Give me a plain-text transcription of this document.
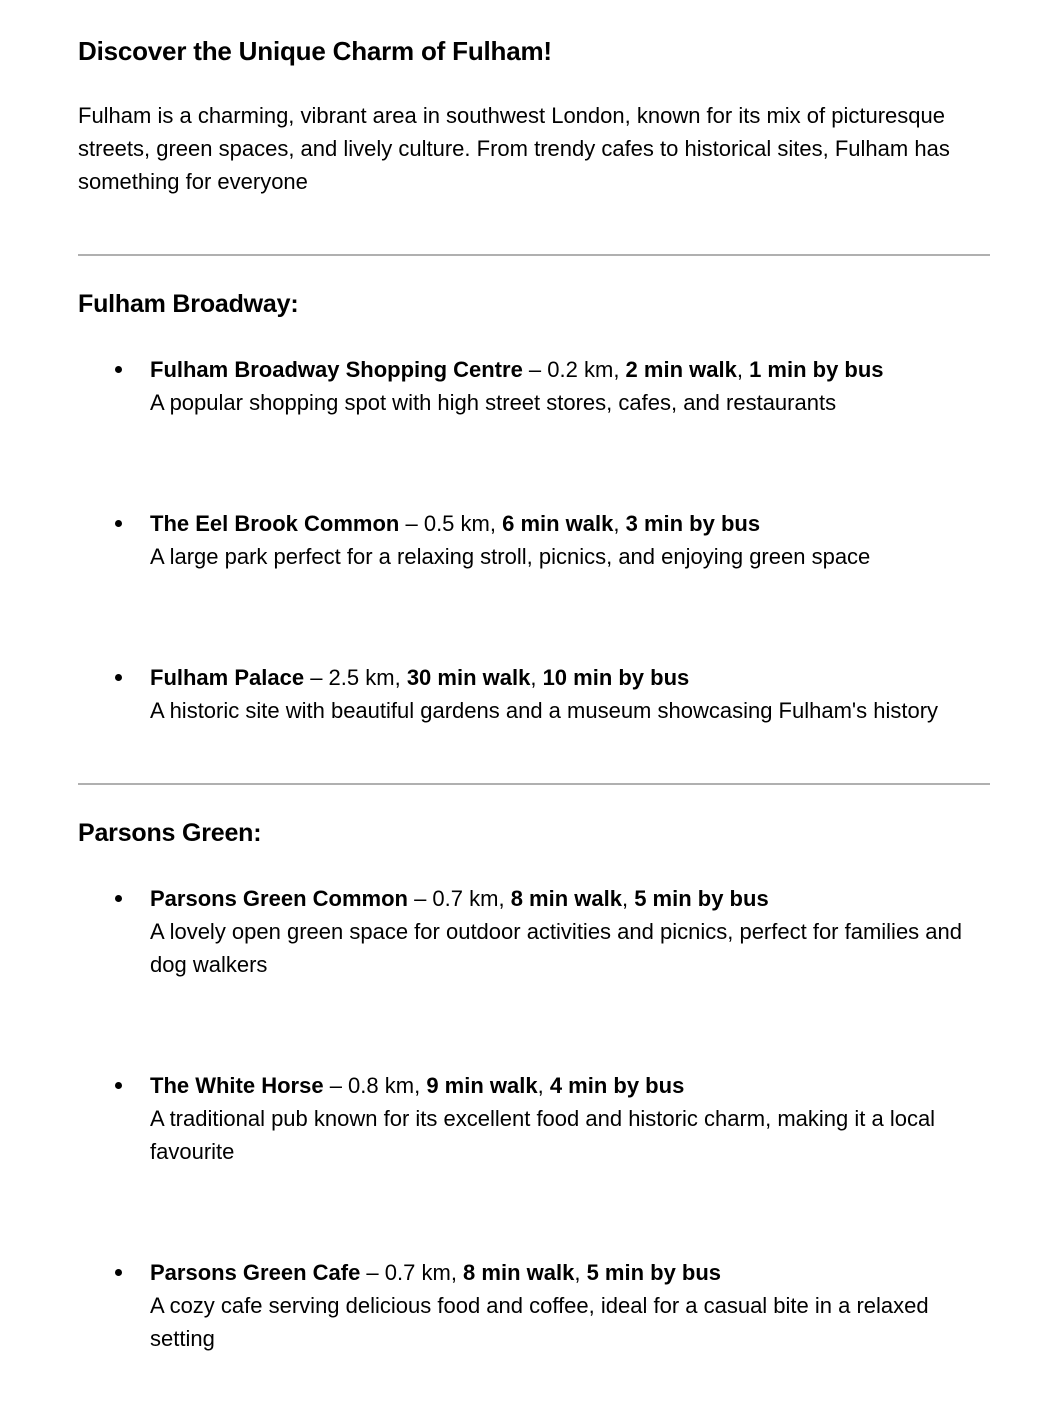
Discover the Unique Charm of Fulham!

Fulham is a charming, vibrant area in southwest London, known for its mix of picturesque streets, green spaces, and lively culture. From trendy cafes to historical sites, Fulham has something for everyone

Fulham Broadway:
Fulham Broadway Shopping Centre – 0.2 km, 2 min walk, 1 min by bus
A popular shopping spot with high street stores, cafes, and restaurants
The Eel Brook Common – 0.5 km, 6 min walk, 3 min by bus
A large park perfect for a relaxing stroll, picnics, and enjoying green space
Fulham Palace – 2.5 km, 30 min walk, 10 min by bus
A historic site with beautiful gardens and a museum showcasing Fulham's history
Parsons Green:
Parsons Green Common – 0.7 km, 8 min walk, 5 min by bus
A lovely open green space for outdoor activities and picnics, perfect for families and dog walkers
The White Horse – 0.8 km, 9 min walk, 4 min by bus
A traditional pub known for its excellent food and historic charm, making it a local favourite
Parsons Green Cafe – 0.7 km, 8 min walk, 5 min by bus
A cozy cafe serving delicious food and coffee, ideal for a casual bite in a relaxed setting
